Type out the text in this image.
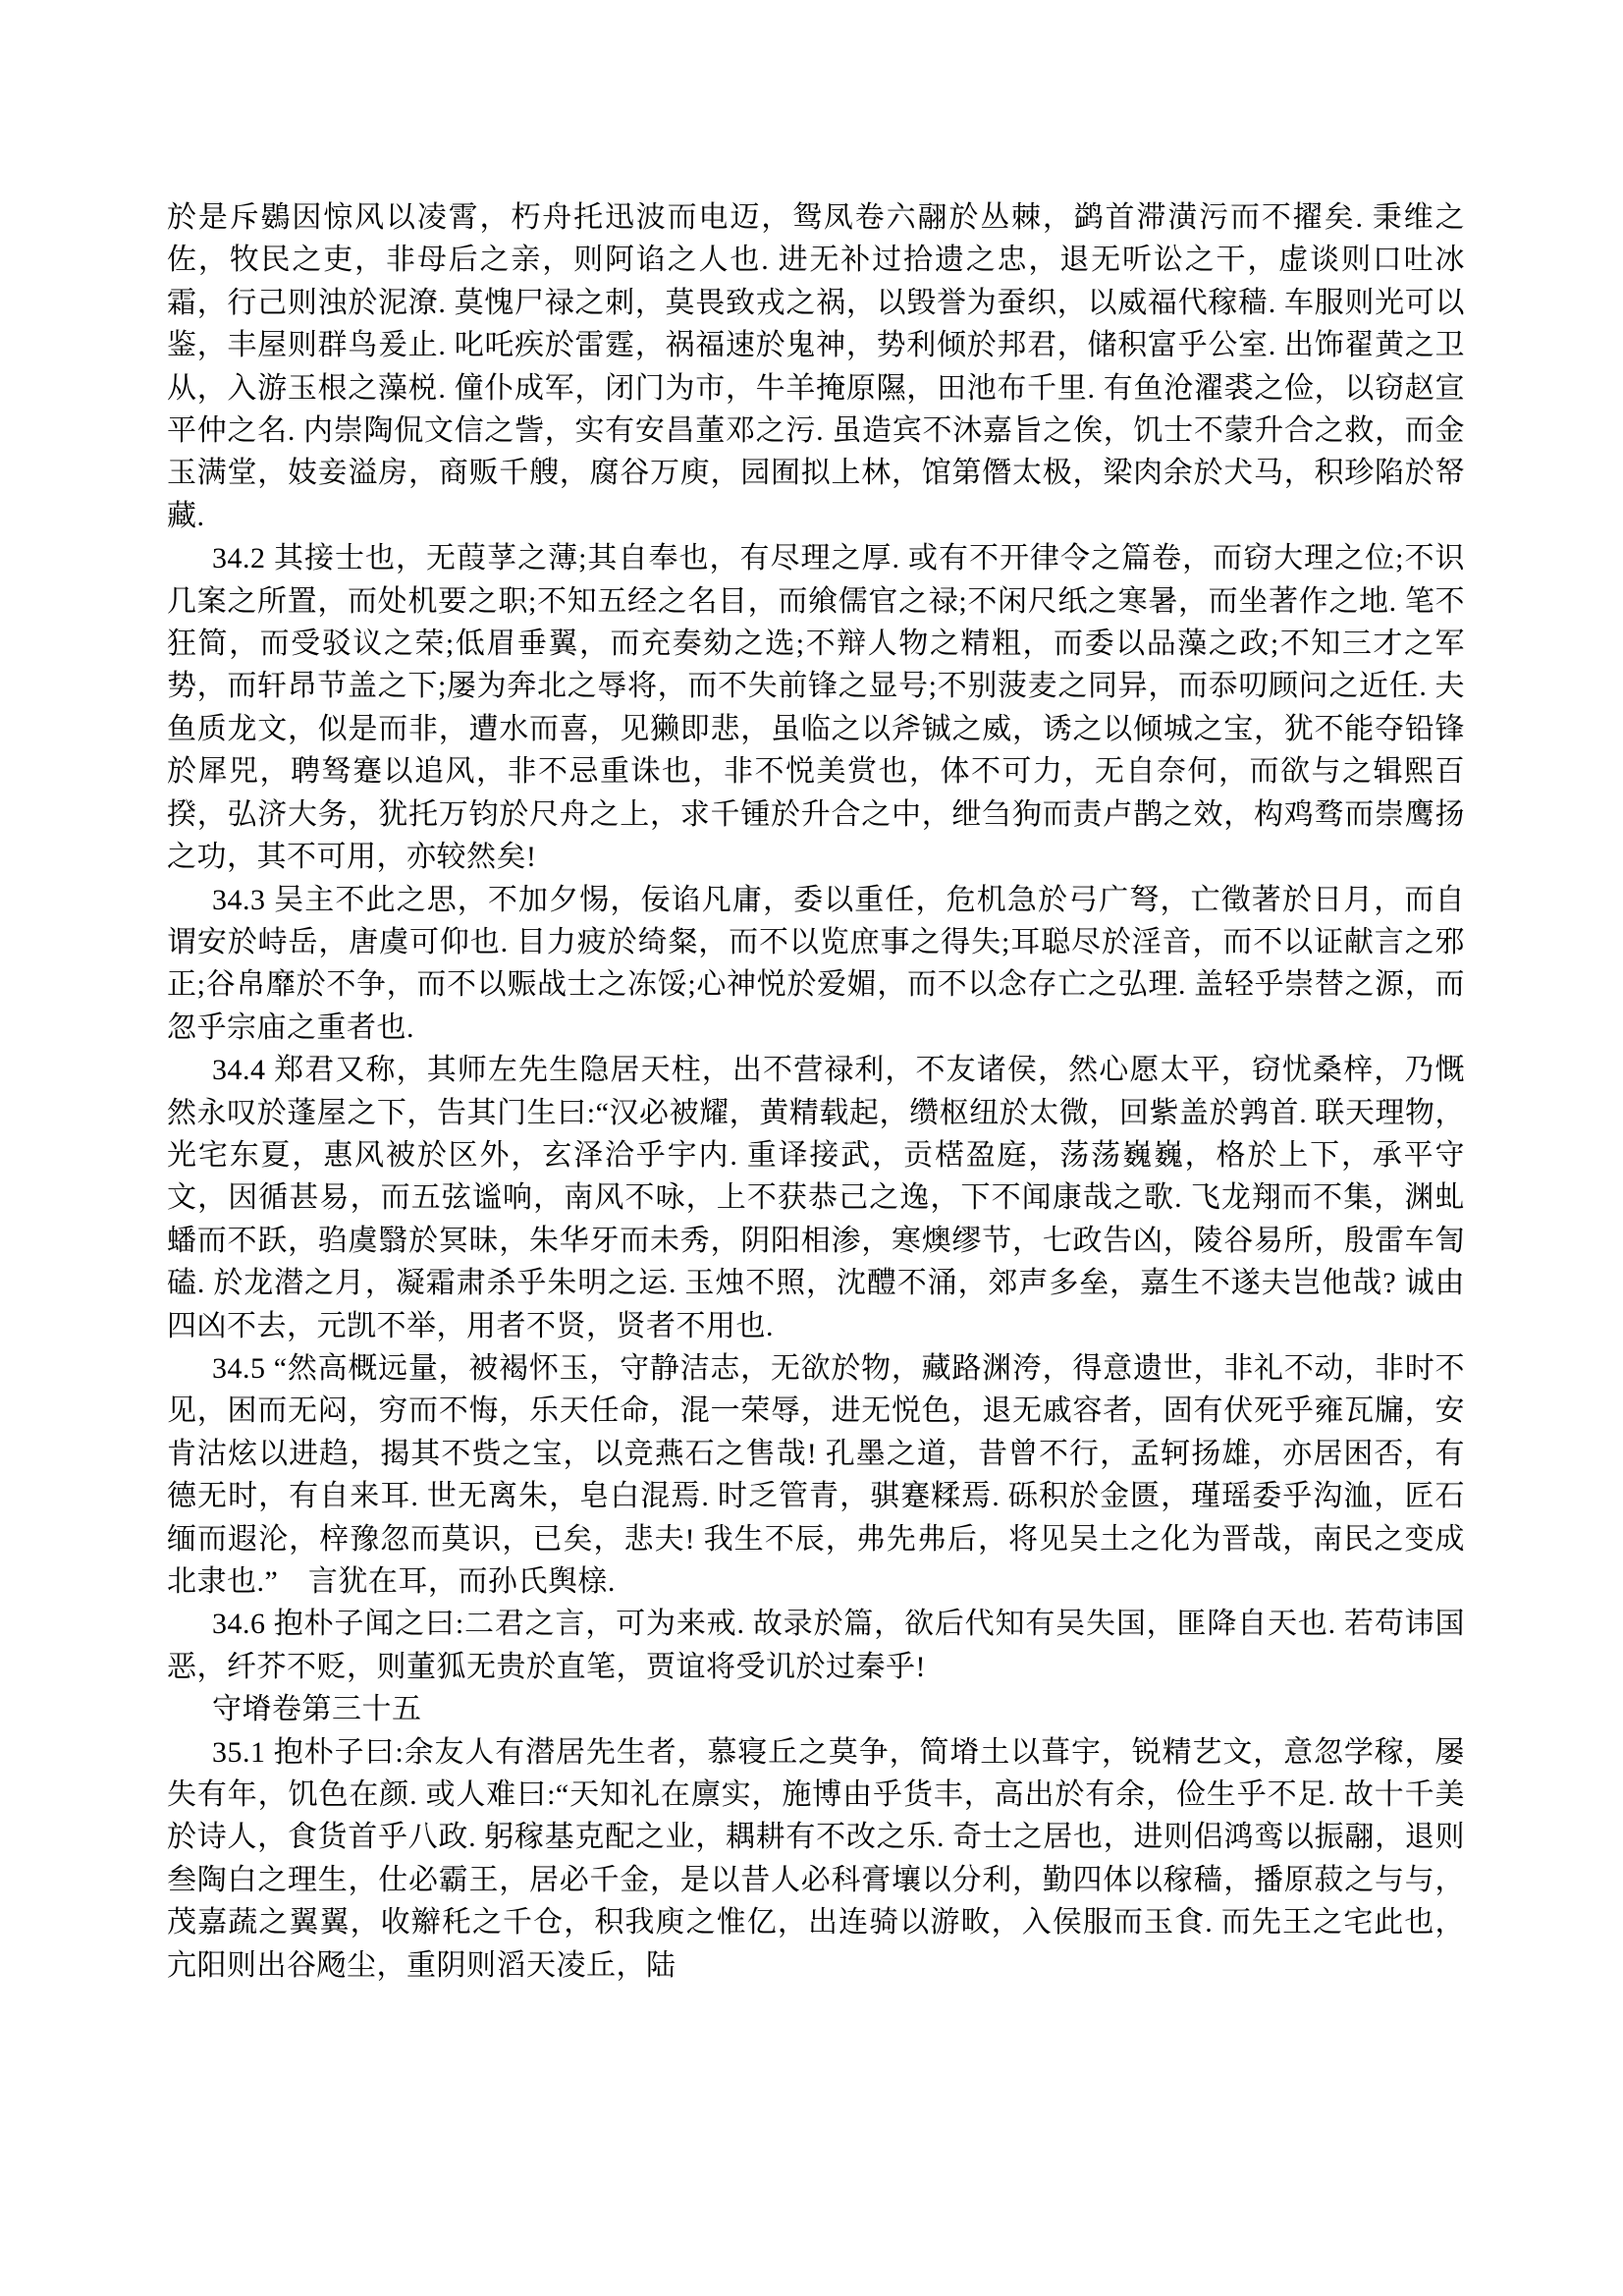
於是斥鷃因惊风以凌霄，朽舟托迅波而电迈，鸳凤卷六翮於丛棘，鹢首滞潢污而不擢矣. 秉维之佐，牧民之吏，非母后之亲，则阿谄之人也. 进无补过拾遗之忠，退无听讼之干，虚谈则口吐冰霜，行己则浊於泥潦. 莫愧尸禄之刺，莫畏致戎之祸，以毁誉为蚕织，以威福代稼穑. 车服则光可以鉴，丰屋则群鸟爰止. 叱吒疾於雷霆，祸福速於鬼神，势利倾於邦君，储积富乎公室. 出饰翟黄之卫从，入游玉根之藻棁. 僮仆成军，闭门为市，牛羊掩原隰，田池布千里. 有鱼沧濯裘之俭，以窃赵宣平仲之名. 内崇陶侃文信之訾，实有安昌董邓之污. 虽造宾不沐嘉旨之俟，饥士不蒙升合之救，而金玉满堂，妓妾溢房，商贩千艘，腐谷万庾，园囿拟上林，馆第僭太极，梁肉余於犬马，积珍陷於帑藏.

34.2 其接士也，无葭莩之薄;其自奉也，有尽理之厚. 或有不开律令之篇卷，而窃大理之位;不识几案之所置，而处机要之职;不知五经之名目，而飨儒官之禄;不闲尺纸之寒暑，而坐著作之地. 笔不狂简，而受驳议之荣;低眉垂翼，而充奏劾之选;不辩人物之精粗，而委以品藻之政;不知三才之军势，而轩昂节盖之下;屡为奔北之辱将，而不失前锋之显号;不别菠麦之同异，而忝叨顾问之近任. 夫鱼质龙文，似是而非，遭水而喜，见獭即悲，虽临之以斧铖之威，诱之以倾城之宝，犹不能夺铅锋於犀兕，聘驽蹇以追风，非不忌重诛也，非不悦美赏也，体不可力，无自奈何，而欲与之辑熙百揆，弘济大务，犹托万钧於尺舟之上，求千锺於升合之中，绁刍狗而责卢鹊之效，构鸡骛而崇鹰扬之功，其不可用，亦较然矣!

34.3 吴主不此之思，不加夕惕，佞谄凡庸，委以重任，危机急於弓广弩，亡徵著於日月，而自谓安於峙岳，唐虞可仰也. 目力疲於绮粲，而不以览庶事之得失;耳聪尽於淫音，而不以证献言之邪正;谷帛靡於不争，而不以赈战士之冻馁;心神悦於爱媚，而不以念存亡之弘理. 盖轻乎崇替之源，而忽乎宗庙之重者也.

34.4 郑君又称，其师左先生隐居天柱，出不营禄利，不友诸侯，然心愿太平，窃忧桑梓，乃慨然永叹於蓬屋之下，告其门生曰:“汉必被耀，黄精载起，缵枢纽於太微，回紫盖於鹑首. 联天理物，光宅东夏，惠风被於区外，玄泽洽乎宇内. 重译接武，贡楛盈庭，荡荡巍巍，格於上下，承平守文，因循甚易，而五弦谧响，南风不咏，上不获恭己之逸，下不闻康哉之歌. 飞龙翔而不集，渊虬蟠而不跃，驺虞翳於冥昧，朱华牙而未秀，阴阳相渗，寒燠缪节，七政告凶，陵谷易所，殷雷车訇磕. 於龙潜之月，凝霜肃杀乎朱明之运. 玉烛不照，沈醴不涌，郊声多垒，嘉生不遂夫岂他哉? 诚由四凶不去，元凯不举，用者不贤，贤者不用也.

34.5 “然高概远量，被褐怀玉，守静洁志，无欲於物，藏路渊洿，得意遗世，非礼不动，非时不见，困而无闷，穷而不悔，乐天任命，混一荣辱，进无悦色，退无戚容者，固有伏死乎雍瓦牖，安肯沽炫以进趋，揭其不赀之宝，以竞燕石之售哉! 孔墨之道，昔曾不行，孟轲扬雄，亦居困否，有德无时，有自来耳. 世无离朱，皂白混焉. 时乏管青，骐蹇糅焉. 砾积於金匮，瑾瑶委乎沟洫，匠石缅而遐沦，梓豫忽而莫识，已矣，悲夫! 我生不辰，弗先弗后，将见吴土之化为晋哉，南民之变成北隶也.”　言犹在耳，而孙氏舆榇.

34.6 抱朴子闻之曰:二君之言，可为来戒. 故录於篇，欲后代知有吴失国，匪降自天也. 若苟讳国恶，纤芥不贬，则董狐无贵於直笔，贾谊将受讥於过秦乎!

守塉卷第三十五

35.1 抱朴子曰:余友人有潜居先生者，慕寝丘之莫争，简塉土以葺宇，锐精艺文，意忽学稼，屡失有年，饥色在颜. 或人难曰:“天知礼在廪实，施博由乎货丰，高出於有余，俭生乎不足. 故十千美於诗人，食货首乎八政. 躬稼基克配之业，耦耕有不改之乐. 奇士之居也，进则侣鸿鸾以振翮，退则叁陶白之理生，仕必霸王，居必千金，是以昔人必科膏壤以分利，勤四体以稼穑，播原菽之与与，茂嘉蔬之翼翼，收辮秅之千仓，积我庾之惟亿，出连骑以游畋，入侯服而玉食. 而先王之宅此也，亢阳则出谷飏尘，重阴则滔天凌丘，陆
